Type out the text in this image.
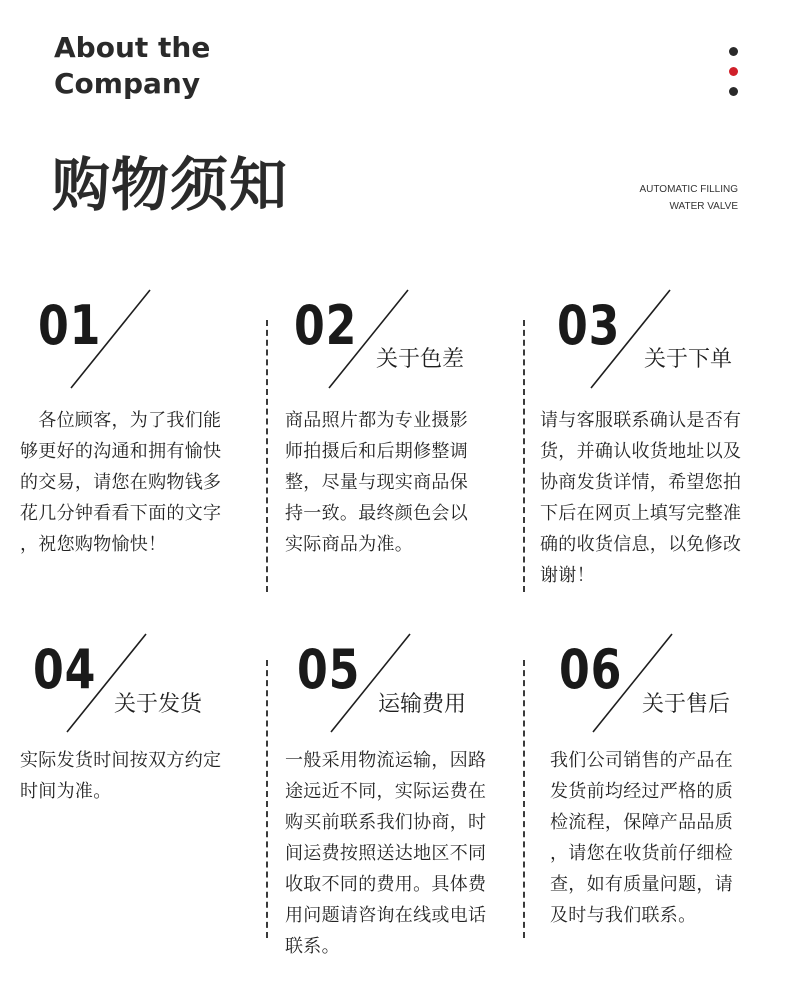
About the
Company
购物须知	AUTOMATIC FILLING
WATER VALVE
01
　各位顾客，为了我们能
够更好的沟通和拥有愉快
的交易，请您在购物钱多
花几分钟看看下面的文字
，祝您购物愉快！
02
关于色差
商品照片都为专业摄影
师拍摄后和后期修整调
整，尽量与现实商品保
持一致。最终颜色会以
实际商品为准。
03
关于下单
请与客服联系确认是否有
货，并确认收货地址以及
协商发货详情，希望您拍
下后在网页上填写完整准
确的收货信息，以免修改
谢谢！
04
关于发货
实际发货时间按双方约定
时间为准。
05
运输费用
一般采用物流运输，因路
途远近不同，实际运费在
购买前联系我们协商，时
间运费按照送达地区不同
收取不同的费用。具体费
用问题请咨询在线或电话
联系。
06
关于售后
我们公司销售的产品在
发货前均经过严格的质
检流程，保障产品品质
，请您在收货前仔细检
查，如有质量问题，请
及时与我们联系。
